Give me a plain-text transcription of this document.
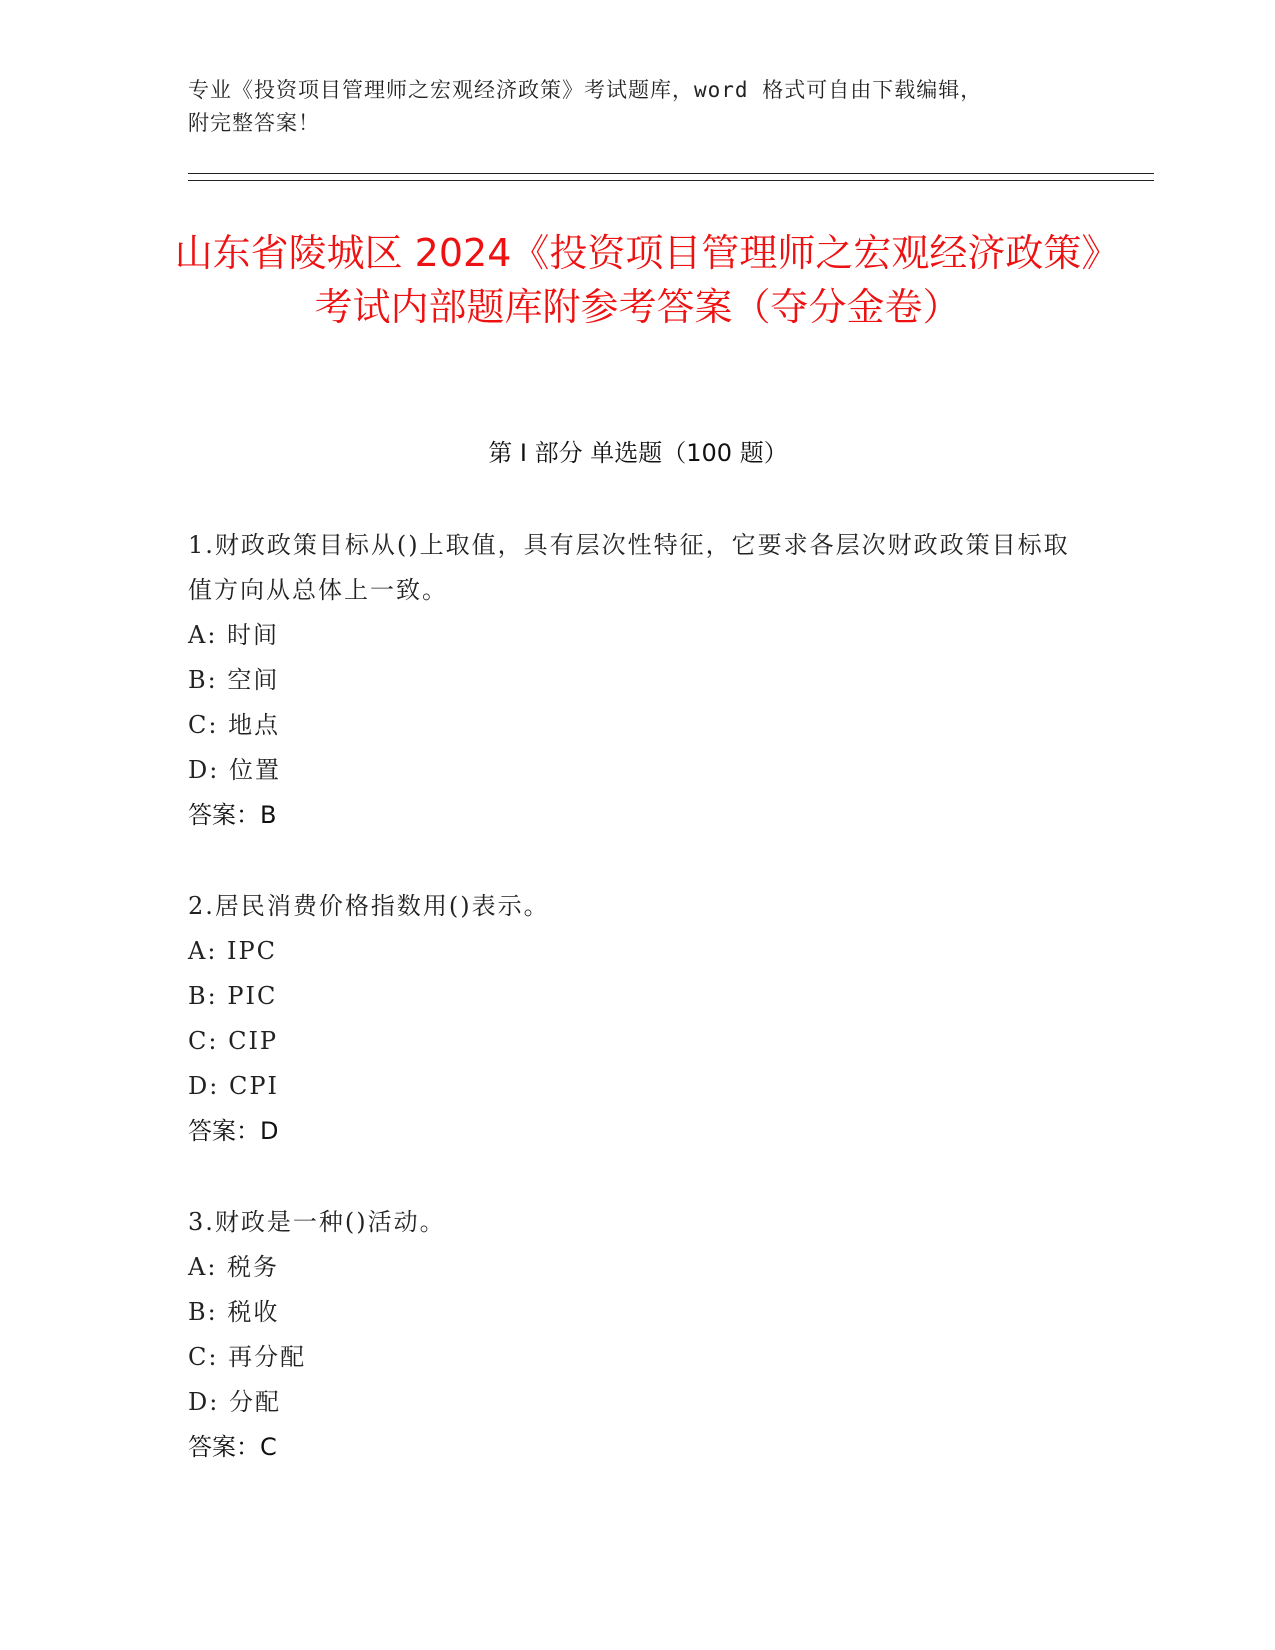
专业《投资项目管理师之宏观经济政策》考试题库，word 格式可自由下载编辑，
附完整答案！
山东省陵城区 2024《投资项目管理师之宏观经济政策》考试内部题库附参考答案（夺分金卷）
第 I 部分 单选题（100 题）

1.财政政策目标从()上取值，具有层次性特征，它要求各层次财政政策目标取值方向从总体上一致。

A: 时间

B: 空间

C: 地点

D: 位置

答案：B

2.居民消费价格指数用()表示。

A: IPC

B: PIC

C: CIP

D: CPI

答案：D

3.财政是一种()活动。

A: 税务

B: 税收

C: 再分配

D: 分配

答案：C
